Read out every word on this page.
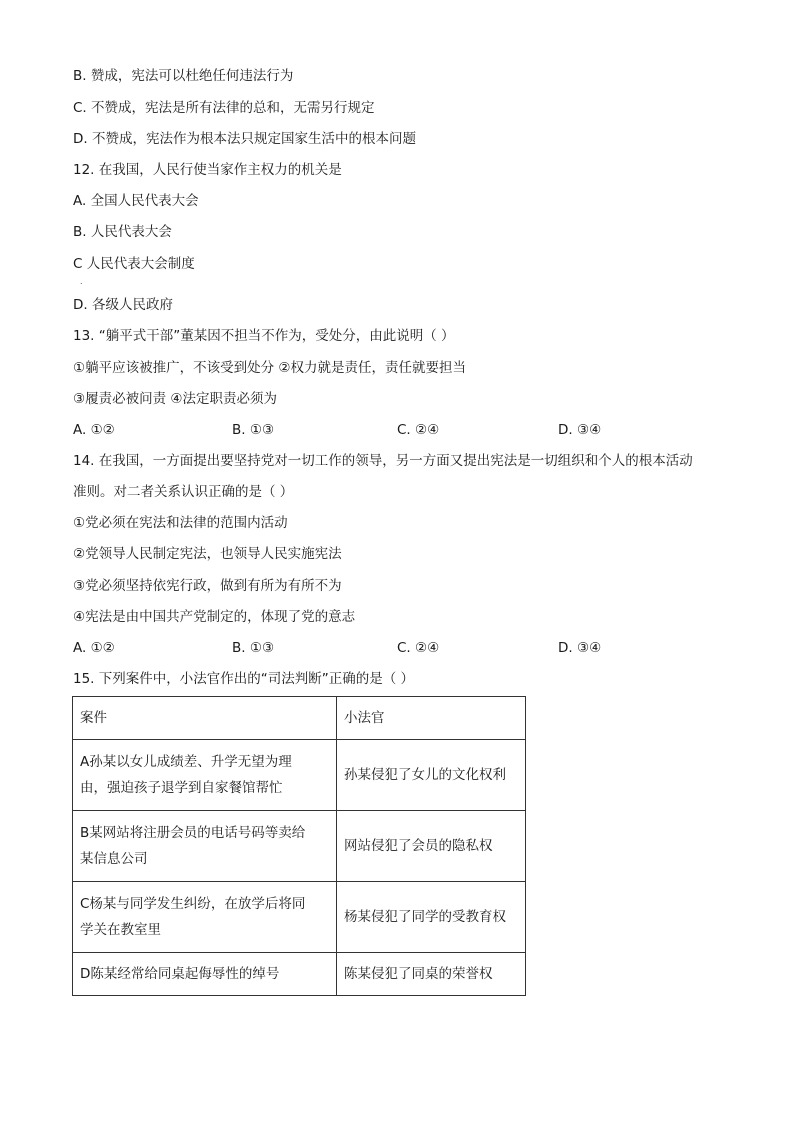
B. 赞成，宪法可以杜绝任何违法行为
C. 不赞成，宪法是所有法律的总和，无需另行规定
D. 不赞成，宪法作为根本法只规定国家生活中的根本问题
12. 在我国，人民行使当家作主权力的机关是
A. 全国人民代表大会
B. 人民代表大会
C 人民代表大会制度
.
D. 各级人民政府
13. “躺平式干部”董某因不担当不作为，受处分，由此说明（ ）
①躺平应该被推广，不该受到处分 ②权力就是责任，责任就要担当
③履责必被问责 ④法定职责必须为
A. ①②	B. ①③	C. ②④	D. ③④
14. 在我国，一方面提出要坚持党对一切工作的领导，另一方面又提出宪法是一切组织和个人的根本活动
准则。对二者关系认识正确的是（ ）
①党必须在宪法和法律的范围内活动
②党领导人民制定宪法，也领导人民实施宪法
③党必须坚持依宪行政，做到有所为有所不为
④宪法是由中国共产党制定的，体现了党的意志
A. ①②	B. ①③	C. ②④	D. ③④
15. 下列案件中，小法官作出的“司法判断”正确的是（ ）
案件	小法官

A孙某以女儿成绩差、升学无望为理
由，强迫孩子退学到自家餐馆帮忙	孙某侵犯了女儿的文化权利

B某网站将注册会员的电话号码等卖给
某信息公司	网站侵犯了会员的隐私权

C杨某与同学发生纠纷，在放学后将同
学关在教室里	杨某侵犯了同学的受教育权

D陈某经常给同桌起侮辱性的绰号	陈某侵犯了同桌的荣誉权
